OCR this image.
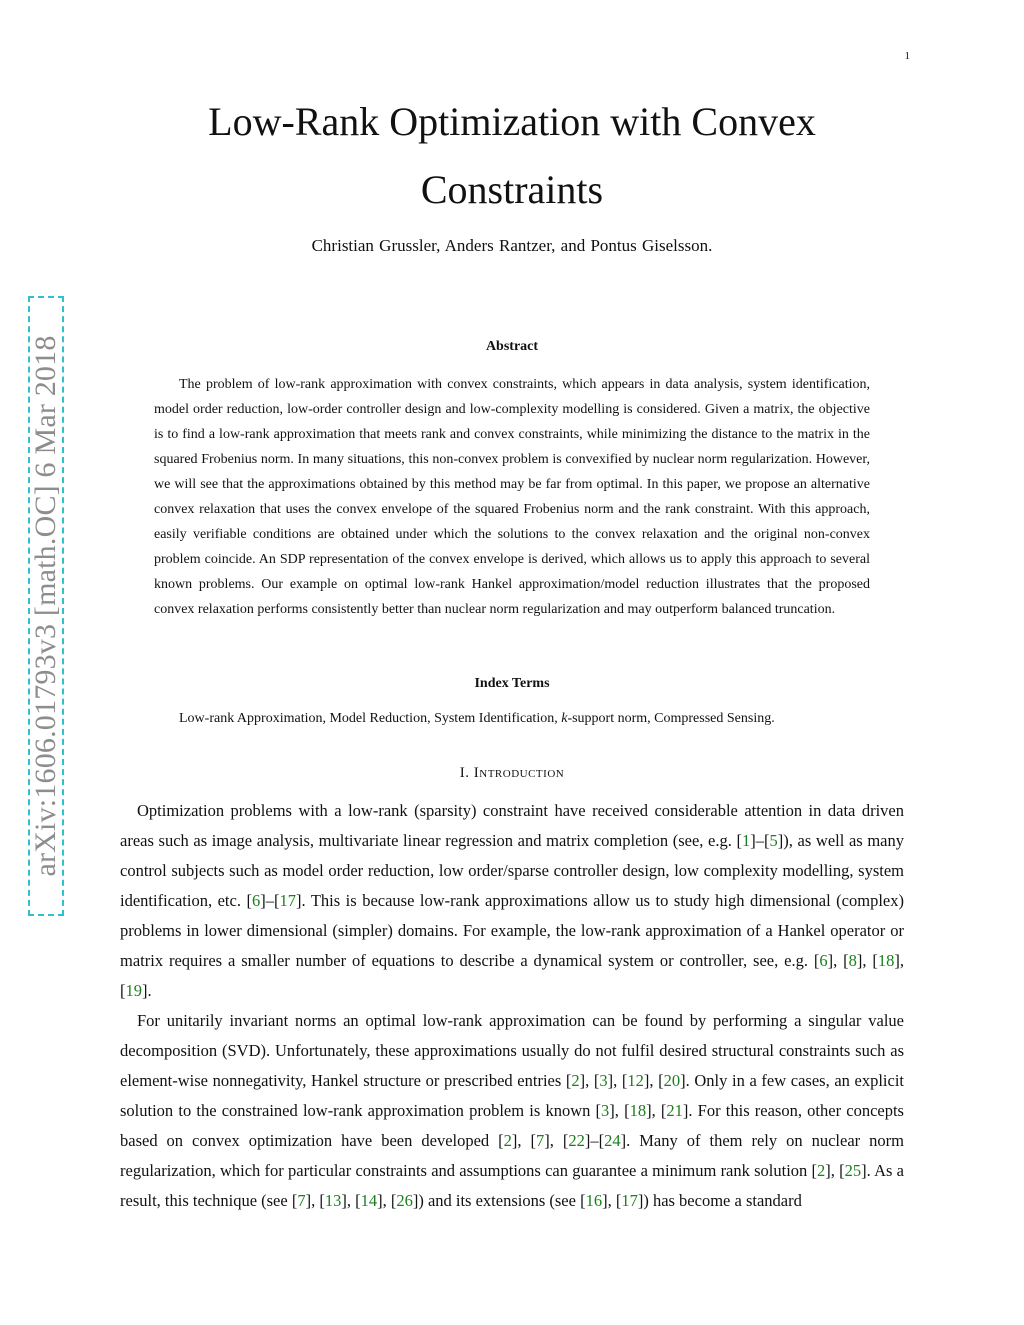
1
arXiv:1606.01793v3 [math.OC] 6 Mar 2018
Low-Rank Optimization with Convex Constraints
Christian Grussler, Anders Rantzer, and Pontus Giselsson.
Abstract

The problem of low-rank approximation with convex constraints, which appears in data analysis, system identification, model order reduction, low-order controller design and low-complexity modelling is considered. Given a matrix, the objective is to find a low-rank approximation that meets rank and convex constraints, while minimizing the distance to the matrix in the squared Frobenius norm. In many situations, this non-convex problem is convexified by nuclear norm regularization. However, we will see that the approximations obtained by this method may be far from optimal. In this paper, we propose an alternative convex relaxation that uses the convex envelope of the squared Frobenius norm and the rank constraint. With this approach, easily verifiable conditions are obtained under which the solutions to the convex relaxation and the original non-convex problem coincide. An SDP representation of the convex envelope is derived, which allows us to apply this approach to several known problems. Our example on optimal low-rank Hankel approximation/model reduction illustrates that the proposed convex relaxation performs consistently better than nuclear norm regularization and may outperform balanced truncation.

Index Terms
Low-rank Approximation, Model Reduction, System Identification, k-support norm, Compressed Sensing.
I. Introduction

Optimization problems with a low-rank (sparsity) constraint have received considerable attention in data driven areas such as image analysis, multivariate linear regression and matrix completion (see, e.g. [1]–[5]), as well as many control subjects such as model order reduction, low order/sparse controller design, low complexity modelling, system identification, etc. [6]–[17]. This is because low-rank approximations allow us to study high dimensional (complex) problems in lower dimensional (simpler) domains. For example, the low-rank approximation of a Hankel operator or matrix requires a smaller number of equations to describe a dynamical system or controller, see, e.g. [6], [8], [18], [19].

For unitarily invariant norms an optimal low-rank approximation can be found by performing a singular value decomposition (SVD). Unfortunately, these approximations usually do not fulfil desired structural constraints such as element-wise nonnegativity, Hankel structure or prescribed entries [2], [3], [12], [20]. Only in a few cases, an explicit solution to the constrained low-rank approximation problem is known [3], [18], [21]. For this reason, other concepts based on convex optimization have been developed [2], [7], [22]–[24]. Many of them rely on nuclear norm regularization, which for particular constraints and assumptions can guarantee a minimum rank solution [2], [25]. As a result, this technique (see [7], [13], [14], [26]) and its extensions (see [16], [17]) has become a standard
